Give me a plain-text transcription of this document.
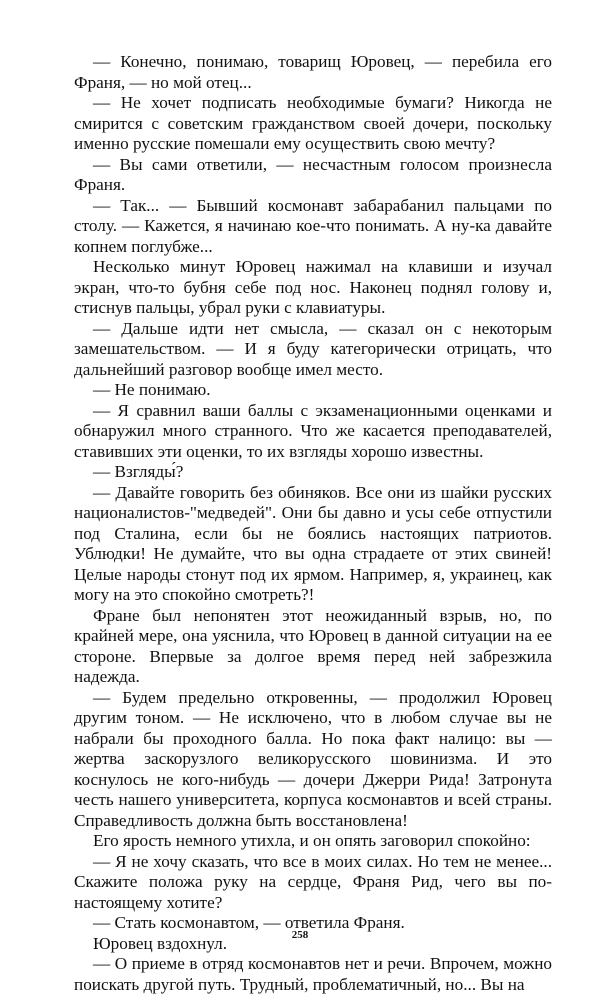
— Конечно, понимаю, товарищ Юровец, — перебила его Франя, — но мой отец...

— Не хочет подписать необходимые бумаги? Никогда не смирится с советским гражданством своей дочери, поскольку именно русские помешали ему осуществить свою мечту?

— Вы сами ответили, — несчастным голосом произнесла Франя.

— Так... — Бывший космонавт забарабанил пальцами по столу. — Кажется, я начинаю кое-что понимать. А ну-ка давайте копнем поглубже...

Несколько минут Юровец нажимал на клавиши и изучал экран, что-то бубня себе под нос. Наконец поднял голову и, стиснув пальцы, убрал руки с клавиатуры.

— Дальше идти нет смысла, — сказал он с некоторым замешательством. — И я буду категорически отрицать, что дальнейший разговор вообще имел место.

— Не понимаю.

— Я сравнил ваши баллы с экзаменационными оценками и обнаружил много странного. Что же касается преподавателей, ставивших эти оценки, то их взгляды хорошо известны.

— Взгляды́?

— Давайте говорить без обиняков. Все они из шайки русских националистов-"медведей". Они бы давно и усы себе отпустили под Сталина, если бы не боялись настоящих патриотов. Ублюдки! Не думайте, что вы одна страдаете от этих свиней! Целые народы стонут под их ярмом. Например, я, украинец, как могу на это спокойно смотреть?!

Фране был непонятен этот неожиданный взрыв, но, по крайней мере, она уяснила, что Юровец в данной ситуации на ее стороне. Впервые за долгое время перед ней забрезжила надежда.

— Будем предельно откровенны, — продолжил Юровец другим тоном. — Не исключено, что в любом случае вы не набрали бы проходного балла. Но пока факт налицо: вы — жертва заскорузлого великорусского шовинизма. И это коснулось не кого-нибудь — дочери Джерри Рида! Затронута честь нашего университета, корпуса космонавтов и всей страны. Справедливость должна быть восстановлена!

Его ярость немного утихла, и он опять заговорил спокойно:

— Я не хочу сказать, что все в моих силах. Но тем не менее... Скажите положа руку на сердце, Франя Рид, чего вы по-настоящему хотите?

— Стать космонавтом, — ответила Франя.

Юровец вздохнул.

— О приеме в отряд космонавтов нет и речи. Впрочем, можно поискать другой путь. Трудный, проблематичный, но... Вы на

258
